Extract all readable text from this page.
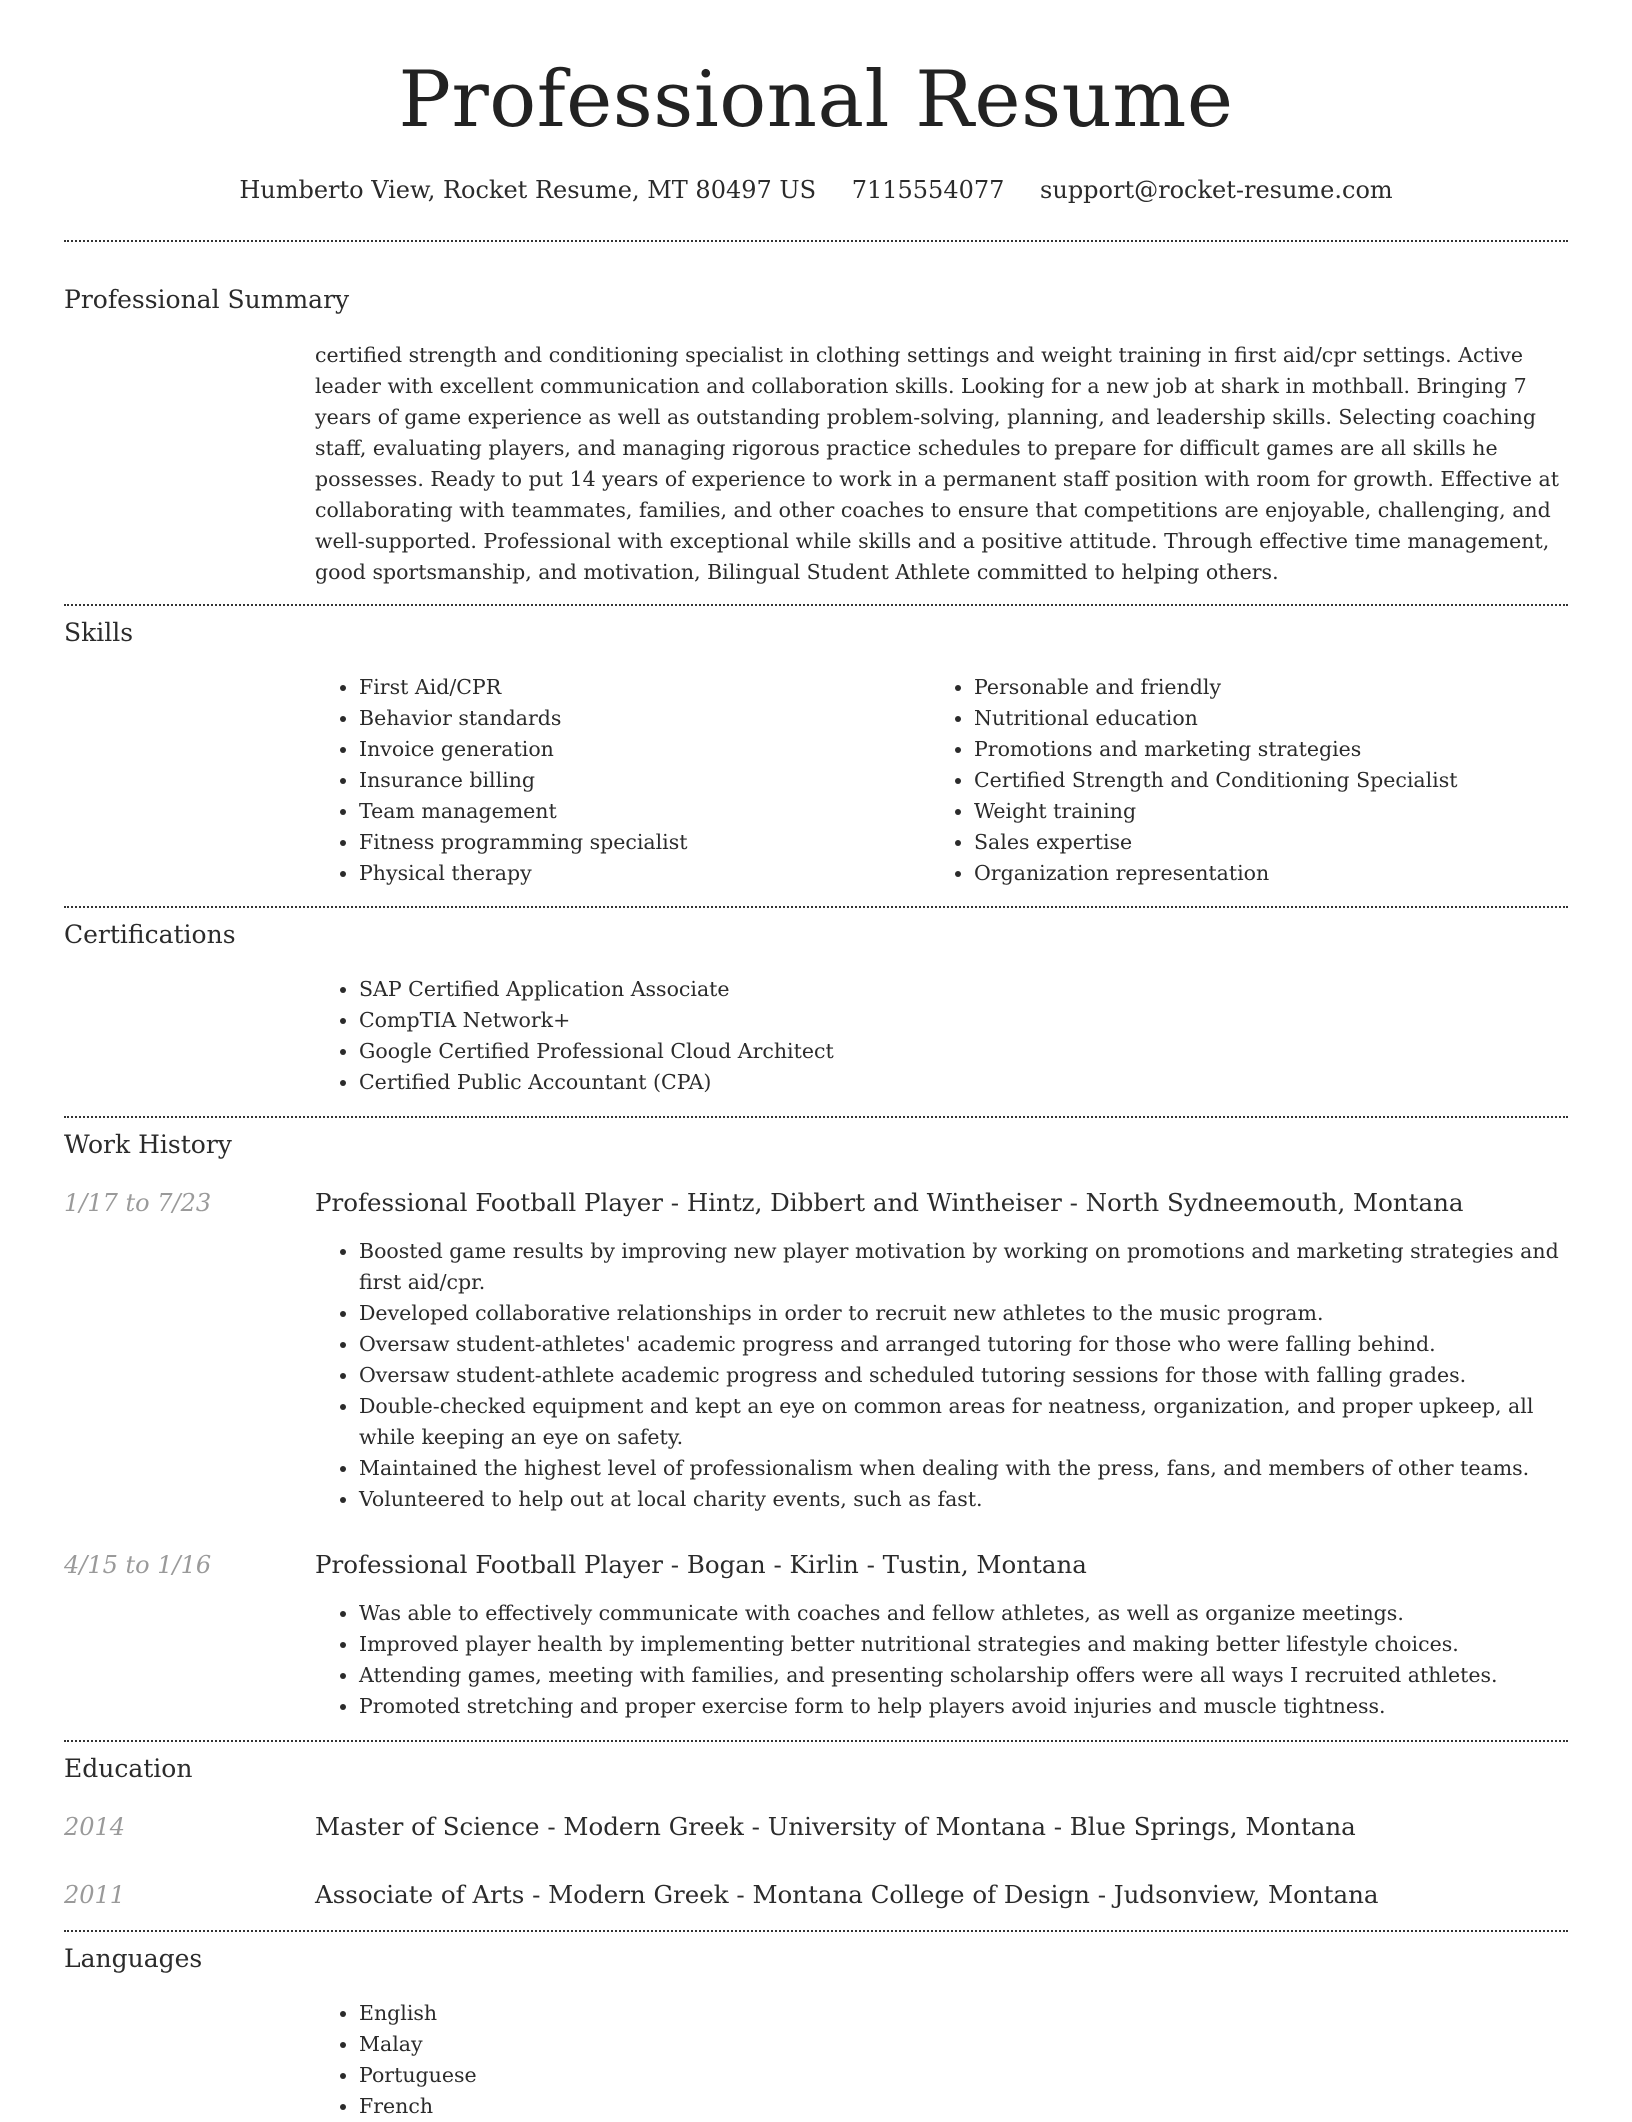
Professional Resume
Humberto View, Rocket Resume, MT 80497 US 7115554077 support@rocket-resume.com
Professional Summary
certified strength and conditioning specialist in clothing settings and weight training in first aid/cpr settings. Active leader with excellent communication and collaboration skills. Looking for a new job at shark in mothball. Bringing 7 years of game experience as well as outstanding problem-solving, planning, and leadership skills. Selecting coaching staff, evaluating players, and managing rigorous practice schedules to prepare for difficult games are all skills he possesses. Ready to put 14 years of experience to work in a permanent staff position with room for growth. Effective at collaborating with teammates, families, and other coaches to ensure that competitions are enjoyable, challenging, and well-supported. Professional with exceptional while skills and a positive attitude. Through effective time management, good sportsmanship, and motivation, Bilingual Student Athlete committed to helping others.
Skills
• First Aid/CPR
• Behavior standards
• Invoice generation
• Insurance billing
• Team management
• Fitness programming specialist
• Physical therapy
• Personable and friendly
• Nutritional education
• Promotions and marketing strategies
• Certified Strength and Conditioning Specialist
• Weight training
• Sales expertise
• Organization representation
Certifications
• SAP Certified Application Associate
• CompTIA Network+
• Google Certified Professional Cloud Architect
• Certified Public Accountant (CPA)
Work History
1/17 to 7/23	Professional Football Player - Hintz, Dibbert and Wintheiser - North Sydneemouth, Montana
• Boosted game results by improving new player motivation by working on promotions and marketing strategies and first aid/cpr.
• Developed collaborative relationships in order to recruit new athletes to the music program.
• Oversaw student-athletes' academic progress and arranged tutoring for those who were falling behind.
• Oversaw student-athlete academic progress and scheduled tutoring sessions for those with falling grades.
• Double-checked equipment and kept an eye on common areas for neatness, organization, and proper upkeep, all while keeping an eye on safety.
• Maintained the highest level of professionalism when dealing with the press, fans, and members of other teams.
• Volunteered to help out at local charity events, such as fast.
4/15 to 1/16	Professional Football Player - Bogan - Kirlin - Tustin, Montana
• Was able to effectively communicate with coaches and fellow athletes, as well as organize meetings.
• Improved player health by implementing better nutritional strategies and making better lifestyle choices.
• Attending games, meeting with families, and presenting scholarship offers were all ways I recruited athletes.
• Promoted stretching and proper exercise form to help players avoid injuries and muscle tightness.
Education
2014	Master of Science - Modern Greek - University of Montana - Blue Springs, Montana
2011	Associate of Arts - Modern Greek - Montana College of Design - Judsonview, Montana
Languages
• English
• Malay
• Portuguese
• French
